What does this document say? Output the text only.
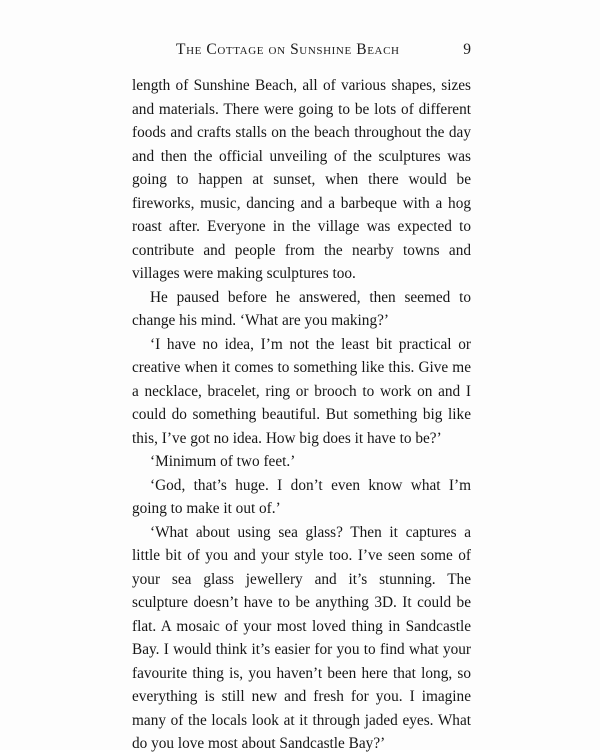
The Cottage on Sunshine Beach	9

length of Sunshine Beach, all of various shapes, sizes and materials. There were going to be lots of different foods and crafts stalls on the beach throughout the day and then the official unveiling of the sculptures was going to happen at sunset, when there would be fireworks, music, dancing and a barbeque with a hog roast after. Everyone in the village was expected to contribute and people from the nearby towns and villages were making sculptures too.

He paused before he answered, then seemed to change his mind. ‘What are you making?’

‘I have no idea, I’m not the least bit practical or creative when it comes to something like this. Give me a necklace, bracelet, ring or brooch to work on and I could do something beautiful. But something big like this, I’ve got no idea. How big does it have to be?’

‘Minimum of two feet.’

‘God, that’s huge. I don’t even know what I’m going to make it out of.’

‘What about using sea glass? Then it captures a little bit of you and your style too. I’ve seen some of your sea glass jewellery and it’s stunning. The sculpture doesn’t have to be anything 3D. It could be flat. A mosaic of your most loved thing in Sandcastle Bay. I would think it’s easier for you to find what your favourite thing is, you haven’t been here that long, so everything is still new and fresh for you. I imagine many of the locals look at it through jaded eyes. What do you love most about Sandcastle Bay?’
